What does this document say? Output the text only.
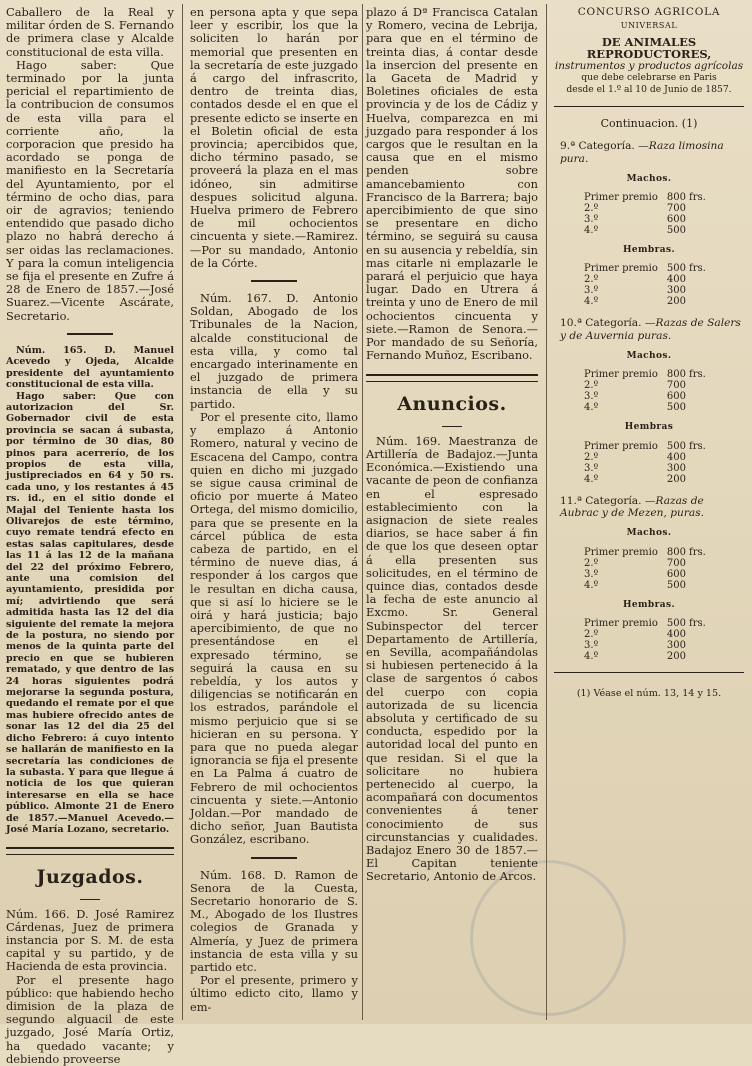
Caballero de la Real y militar órden de S. Fernando de primera clase y Alcalde constitucional de esta villa.

Hago saber: Que terminado por la junta pericial el repartimiento de la contribucion de consumos de esta villa para el corriente año, la corporacion que presido ha acordado se ponga de manifiesto en la Secretaría del Ayuntamiento, por el término de ocho dias, para oir de agravios; teniendo entendido que pasado dicho plazo no habrá derecho á ser oidas las reclamaciones. Y para la comun inteligencia se fija el presente en Zufre á 28 de Enero de 1857.—José Suarez.—Vicente Ascárate, Secretario.

Núm. 165. D. Manuel Acevedo y Ojeda, Alcalde presidente del ayuntamiento constitucional de esta villa.

Hago saber: Que con autorizacion del Sr. Gobernador civil de esta provincia se sacan á subasta, por término de 30 dias, 80 pinos para acerrerío, de los propios de esta villa, justipreciados en 64 y 50 rs. cada uno, y los restantes á 45 rs. id., en el sitio donde el Majal del Teniente hasta los Olivarejos de este término, cuyo remate tendrá efecto en estas salas capitulares, desde las 11 á las 12 de la mañana del 22 del próximo Febrero, ante una comision del ayuntamiento, presidida por mí; advirtiendo que será admitida hasta las 12 del dia siguiente del remate la mejora de la postura, no siendo por menos de la quinta parte del precio en que se hubieren rematado, y que dentro de las 24 horas siguientes podrá mejorarse la segunda postura, quedando el remate por el que mas hubiere ofrecido antes de sonar las 12 del dia 25 del dicho Febrero: á cuyo intento se hallarán de manifiesto en la secretaría las condiciones de la subasta. Y para que llegue á noticia de los que quieran interesarse en ella se hace público. Almonte 21 de Enero de 1857.—Manuel Acevedo.—José María Lozano, secretario.

Juzgados.

Núm. 166. D. José Ramirez Cárdenas, Juez de primera instancia por S. M. de esta capital y su partido, y de Hacienda de esta provincia.

Por el presente hago público: que habiendo hecho dimision de la plaza de segundo alguacil de este juzgado, José María Ortiz, ha quedado vacante; y debiendo proveerse

en persona apta y que sepa leer y escribir, los que la soliciten lo harán por memorial que presenten en la secretaría de este juzgado á cargo del infrascrito, dentro de treinta dias, contados desde el en que el presente edicto se inserte en el Boletin oficial de esta provincia; apercibidos que, dicho término pasado, se proveerá la plaza en el mas idóneo, sin admitirse despues solicitud alguna. Huelva primero de Febrero de mil ochocientos cincuenta y siete.—Ramirez.—Por su mandado, Antonio de la Córte.

Núm. 167. D. Antonio Soldan, Abogado de los Tribunales de la Nacion, alcalde constitucional de esta villa, y como tal encargado interinamente en el juzgado de primera instancia de ella y su partido.

Por el presente cito, llamo y emplazo á Antonio Romero, natural y vecino de Escacena del Campo, contra quien en dicho mi juzgado se sigue causa criminal de oficio por muerte á Mateo Ortega, del mismo domicilio, para que se presente en la cárcel pública de esta cabeza de partido, en el término de nueve dias, á responder á los cargos que le resultan en dicha causa, que si así lo hiciere se le oirá y hará justicia; bajo apercibimiento, de que no presentándose en el expresado término, se seguirá la causa en su rebeldía, y los autos y diligencias se notificarán en los estrados, parándole el mismo perjuicio que si se hicieran en su persona. Y para que no pueda alegar ignorancia se fija el presente en La Palma á cuatro de Febrero de mil ochocientos cincuenta y siete.—Antonio Joldan.—Por mandado de dicho señor, Juan Bautista González, escribano.

Núm. 168. D. Ramon de Senora de la Cuesta, Secretario honorario de S. M., Abogado de los Ilustres colegios de Granada y Almería, y Juez de primera instancia de esta villa y su partido etc.

Por el presente, primero y último edicto cito, llamo y em-

plazo á Dª Francisca Catalan y Romero, vecina de Lebrija, para que en el término de treinta dias, á contar desde la insercion del presente en la Gaceta de Madrid y Boletines oficiales de esta provincia y de los de Cádiz y Huelva, comparezca en mi juzgado para responder á los cargos que le resultan en la causa que en el mismo penden sobre amancebamiento con Francisco de la Barrera; bajo apercibimiento de que sino se presentare en dicho término, se seguirá su causa en su ausencia y rebeldía, sin mas citarle ni emplazarle le parará el perjuicio que haya lugar. Dado en Utrera á treinta y uno de Enero de mil ochocientos cincuenta y siete.—Ramon de Senora.—Por mandado de su Señoría, Fernando Muñoz, Escribano.

Anuncios.

Núm. 169. Maestranza de Artillería de Badajoz.—Junta Económica.—Existiendo una vacante de peon de confianza en el espresado establecimiento con la asignacion de siete reales diarios, se hace saber á fin de que los que deseen optar á ella presenten sus solicitudes, en el término de quince dias, contados desde la fecha de este anuncio al Excmo. Sr. General Subinspector del tercer Departamento de Artillería, en Sevilla, acompañándolas si hubiesen pertenecido á la clase de sargentos ó cabos del cuerpo con copia autorizada de su licencia absoluta y certificado de su conducta, espedido por la autoridad local del punto en que residan. Si el que la solicitare no hubiera pertenecido al cuerpo, la acompañará con documentos convenientes á tener conocimiento de sus circunstancias y cualidades. Badajoz Enero 30 de 1857.—El Capitan teniente Secretario, Antonio de Arcos.

CONCURSO AGRICOLA
UNIVERSAL
DE ANIMALES REPRODUCTORES,
instrumentos y productos agrícolas
que debe celebrarse en Paris
desde el 1.º al 10 de Junio de 1857.
Continuacion. (1)
9.ª Categoría. —Raza limosina pura.
Machos.
Primer premio	800	frs.
2.º	700	
3.º	600	
4.º	500	
Hembras.
Primer premio	500	frs.
2.º	400	
3.º	300	
4.º	200	
10.ª Categoría. —Razas de Salers y de Auvernia puras.
Machos.
Primer premio	800	frs.
2.º	700	
3.º	600	
4.º	500	
Hembras
Primer premio	500	frs.
2.º	400	
3.º	300	
4.º	200	
11.ª Categoría. —Razas de Aubrac y de Mezen, puras.
Machos.
Primer premio	800	frs.
2.º	700	
3.º	600	
4.º	500	
Hembras.
Primer premio	500	frs.
2.º	400	
3.º	300	
4.º	200	
(1) Véase el núm. 13, 14 y 15.
